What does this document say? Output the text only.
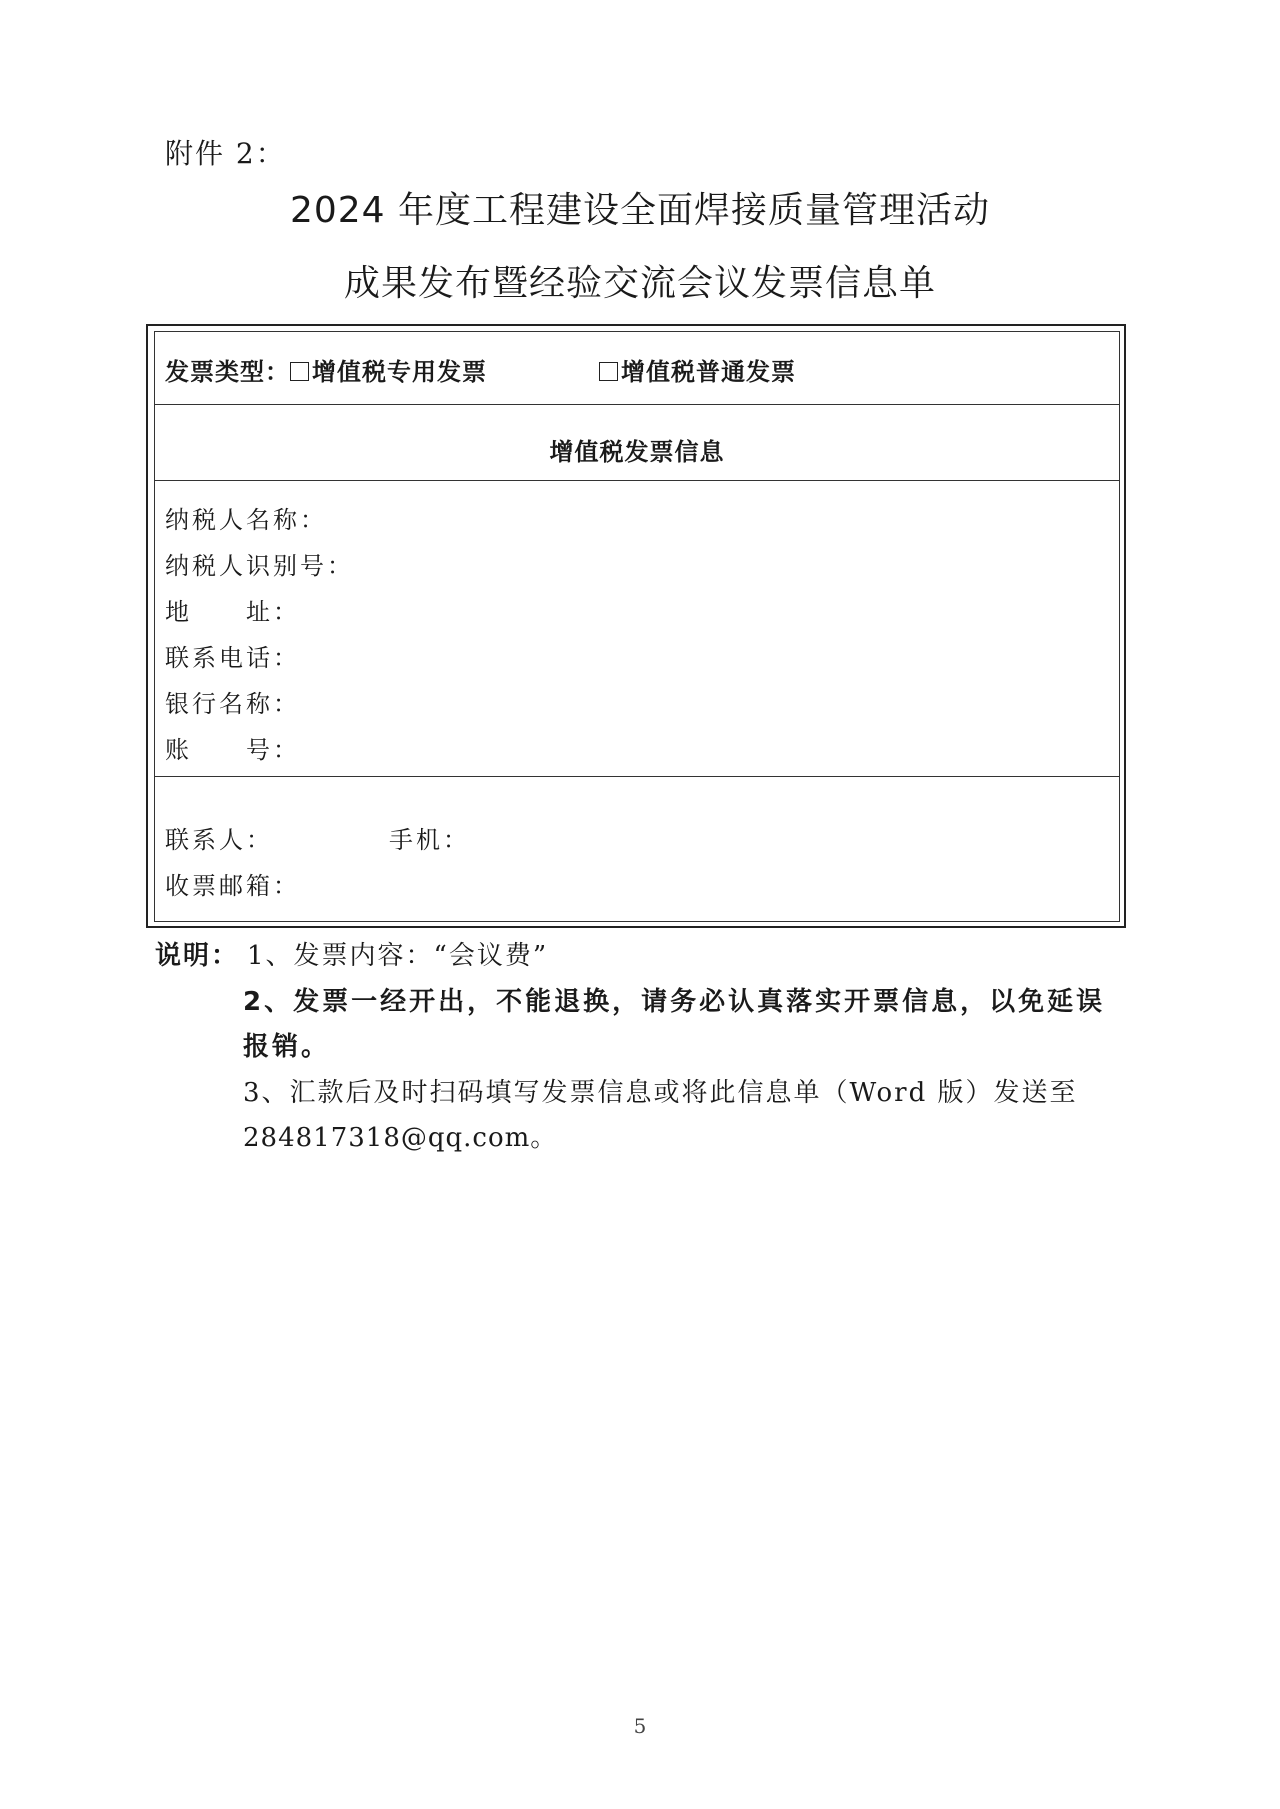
附件 2：
2024 年度工程建设全面焊接质量管理活动
成果发布暨经验交流会议发票信息单
发票类型： 增值税专用发票	增值税普通发票
增值税发票信息
纳税人名称：
纳税人识别号：
地　　址：
联系电话：
银行名称：
账　　号：
联系人：	手机：
收票邮箱：
说明： 1、发票内容：“会议费”
2、发票一经开出，不能退换，请务必认真落实开票信息，以免延误
报销。
3、汇款后及时扫码填写发票信息或将此信息单（Word 版）发送至
284817318@qq.com。
5
